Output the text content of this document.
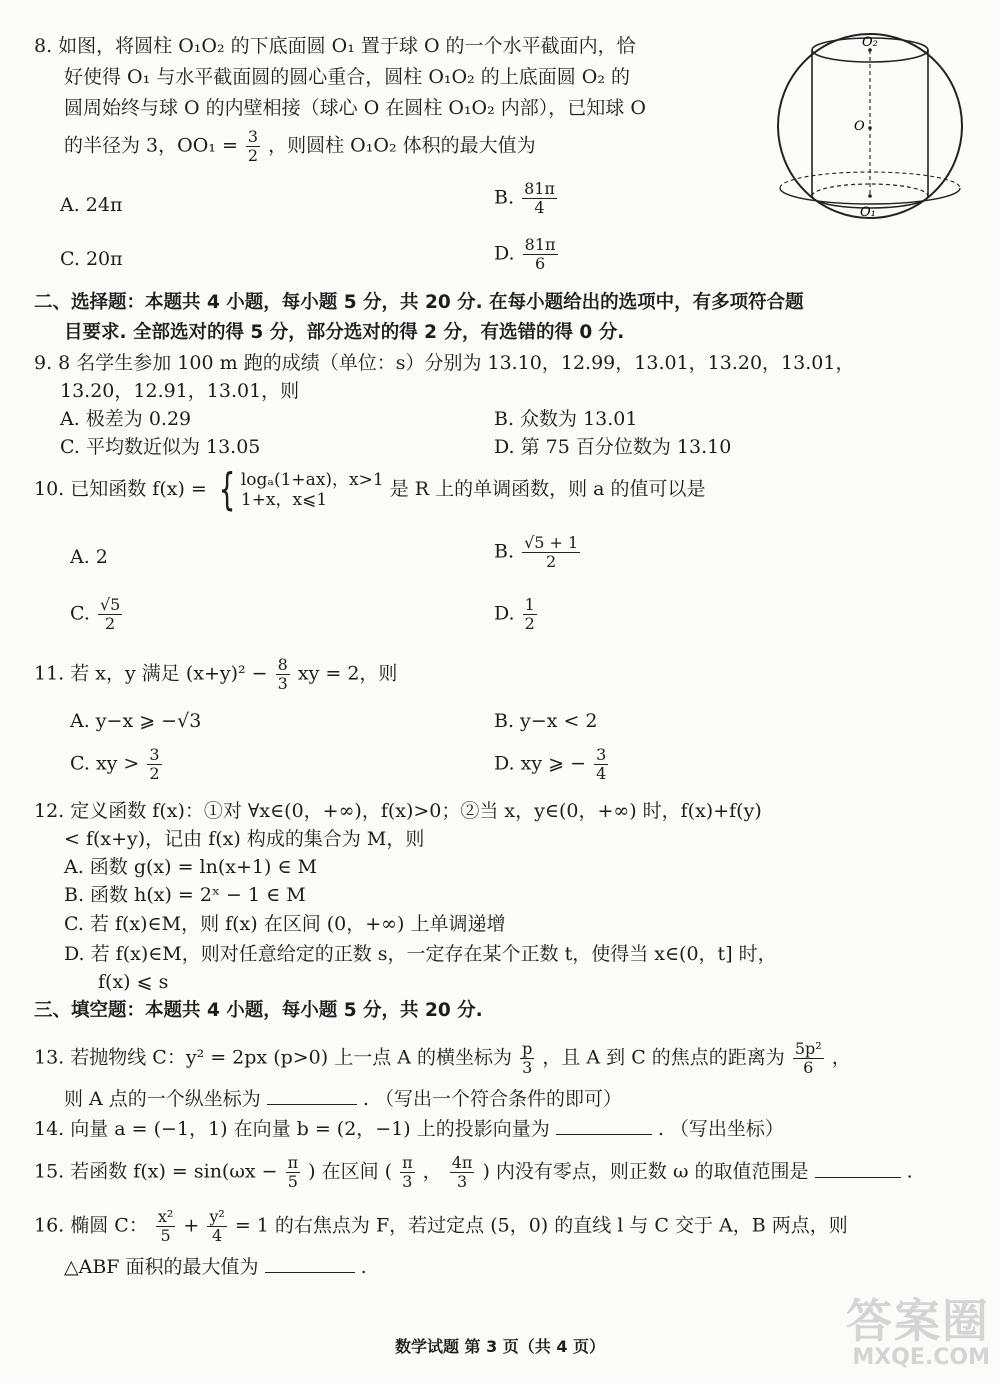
O₂
O
O₁
8. 如图，将圆柱 O₁O₂ 的下底面圆 O₁ 置于球 O 的一个水平截面内，恰
好使得 O₁ 与水平截面圆的圆心重合，圆柱 O₁O₂ 的上底面圆 O₂ 的
圆周始终与球 O 的内壁相接（球心 O 在圆柱 O₁O₂ 内部），已知球 O
的半径为 3，$OO_1 = \frac{3}{2}$ ，则圆柱 O₁O₂ 体积的最大值为
A. 24π	B. $\frac{81\pi}{4}$
C. 20π	D. $\frac{81\pi}{6}$
二、选择题：本题共 4 小题，每小题 5 分，共 20 分. 在每小题给出的选项中，有多项符合题
目要求. 全部选对的得 5 分，部分选对的得 2 分，有选错的得 0 分.
9. 8 名学生参加 100 m 跑的成绩（单位：s）分别为 13.10，12.99，13.01，13.20，13.01，
13.20，12.91，13.01，则
A. 极差为 0.29	B. 众数为 13.01
C. 平均数近似为 13.05	D. 第 75 百分位数为 13.10
10. 已知函数 f(x) = { logₐ(1+ax)，x>1
1+x，x⩽1	是 R 上的单调函数，则 a 的值可以是
A. 2	B. $\frac{√5 + 1}{2}$
C. $\frac{√5}{2}$	D. $\frac{1}{2}$
11. 若 x，y 满足 $(x+y)^2 - \frac{8}{3}$ xy = 2，则
A. y−x ⩾ −√3	B. y−x < 2
C. xy > $\frac{3}{2}$	D. xy ⩾ − $\frac{3}{4}$
12. 定义函数 f(x)：①对 ∀x∈(0，+∞)，f(x)>0；②当 x，y∈(0，+∞) 时，f(x)+f(y)
< f(x+y)，记由 f(x) 构成的集合为 M，则
A. 函数 g(x) = ln(x+1) ∈ M
B. 函数 h(x) = 2ˣ − 1 ∈ M
C. 若 f(x)∈M，则 f(x) 在区间 (0，+∞) 上单调递增
D. 若 f(x)∈M，则对任意给定的正数 s，一定存在某个正数 t，使得当 x∈(0，t] 时，
f(x) ⩽ s
三、填空题：本题共 4 小题，每小题 5 分，共 20 分.
13. 若抛物线 C：y² = 2px (p>0) 上一点 A 的横坐标为 $\frac{p}{3}$ ，且 A 到 C 的焦点的距离为 $\frac{\text{5p²}}{6}$ ，
则 A 点的一个纵坐标为	. （写出一个符合条件的即可）
14. 向量 a = (−1，1) 在向量 b = (2，−1) 上的投影向量为	. （写出坐标）
15. 若函数 $f(x) = \sin(\omega x - \frac{\pi}{5}$ ) 在区间 ( $\frac{\pi}{3}$ ， $\frac{4\pi}{3}$ ) 内没有零点，则正数 ω 的取值范围是	.
16. 椭圆 C： $\frac{\text{x²}}{5} + \frac{\text{y²}}{4} = 1$ 的右焦点为 F，若过定点 (5，0) 的直线 l 与 C 交于 A，B 两点，则
△ABF 面积的最大值为	.
数学试题 第 3 页（共 4 页）	答案圈
MXQE.COM
